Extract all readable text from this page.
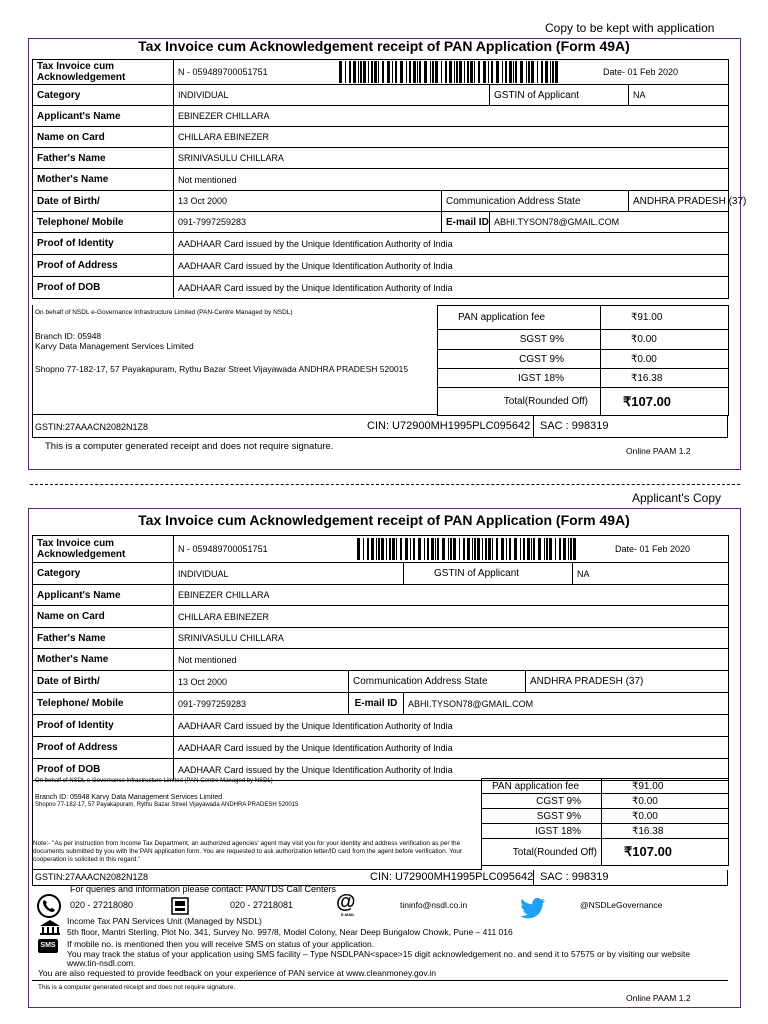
Copy to be kept with application
Tax Invoice cum Acknowledgement receipt of PAN Application (Form 49A)
Tax Invoice cum Acknowledgement	N - 059489700051751 Date- 01 Feb 2020			

Category	INDIVIDUAL		GSTIN of Applicant	NA
Applicant's Name	EBINEZER CHILLARA			
Name on Card	CHILLARA EBINEZER			
Father's Name	SRINIVASULU CHILLARA			
Mother's Name	Not mentioned			
Date of Birth/	13 Oct 2000	Communication Address State		ANDHRA PRADESH (37)
Telephone/ Mobile	091-7997259283	E-mail ID	ABHI.TYSON78@GMAIL.COM	
Proof of Identity	AADHAAR Card issued by the Unique Identification Authority of India			
Proof of Address	AADHAAR Card issued by the Unique Identification Authority of India			
Proof of DOB	AADHAAR Card issued by the Unique Identification Authority of India			
On behalf of NSDL e-Governance Infrastructure Limited (PAN-Centre Managed by NSDL)
Branch ID: 05948
Karvy Data Management Services Limited
Shopno 77-182-17, 57 Payakapuram, Rythu Bazar Street Vijayawada ANDHRA PRADESH 520015
PAN application fee	₹91.00
SGST 9%	₹0.00
CGST 9%	₹0.00
IGST 18%	₹16.38
Total(Rounded Off)	₹107.00
GSTIN:27AAACN2082N1Z8	CIN: U72900MH1995PLC095642 SAC : 998319
This is a computer generated receipt and does not require signature.	Online PAAM 1.2
Applicant's Copy
Tax Invoice cum Acknowledgement receipt of PAN Application (Form 49A)
Tax Invoice cum Acknowledgement	N - 059489700051751 Date- 01 Feb 2020				

Category	INDIVIDUAL		GSTIN of Applicant		NA
Applicant's Name	EBINEZER CHILLARA				
Name on Card	CHILLARA EBINEZER				
Father's Name	SRINIVASULU CHILLARA				
Mother's Name	Not mentioned				
Date of Birth/	13 Oct 2000	Communication Address State		ANDHRA PRADESH (37)	
Telephone/ Mobile	091-7997259283	E-mail ID	ABHI.TYSON78@GMAIL.COM		
Proof of Identity	AADHAAR Card issued by the Unique Identification Authority of India				
Proof of Address	AADHAAR Card issued by the Unique Identification Authority of India				
Proof of DOB	AADHAAR Card issued by the Unique Identification Authority of India				
On behalf of NSDL e-Governance Infrastructure Limited (PAN-Centre Managed by NSDL)
Branch ID: 05948 Karvy Data Management Services Limited
Shopno 77-182-17, 57 Payakapuram, Rythu Bazar Street Vijayawada ANDHRA PRADESH 520015
Note:- "As per instruction from Income Tax Department, an authorized agencies' agent may visit you for your identity and address verification as per the documents submitted by you with the PAN application form. You are requested to ask authorization letter/ID card from the agent before verification. Your cooperation is solicited in this regard."
PAN application fee	₹91.00
CGST 9%	₹0.00
SGST 9%	₹0.00
IGST 18%	₹16.38
Total(Rounded Off)	₹107.00
GSTIN:27AAACN2082N1Z8	CIN: U72900MH1995PLC095642 SAC : 998319
For queries and information please contact: PAN/TDS Call Centers
020 - 27218080	020 - 27218081 @
E-MAIL
tininfo@nsdl.co.in	@NSDLeGovernance
Income Tax PAN Services Unit (Managed by NSDL)
5th floor, Mantri Sterling, Plot No. 341, Survey No. 997/8, Model Colony, Near Deep Bungalow Chowk, Pune – 411 016
SMS If mobile no. is mentioned then you will receive SMS on status of your application.
You may track the status of your application using SMS facility – Type NSDLPAN<space>15 digit acknowledgement no. and send it to 57575 or by visiting our website www.tin-nsdl.com.
You are also requested to provide feedback on your experience of PAN service at www.cleanmoney.gov.in
This is a computer generated receipt and does not require signature.
Online PAAM 1.2
